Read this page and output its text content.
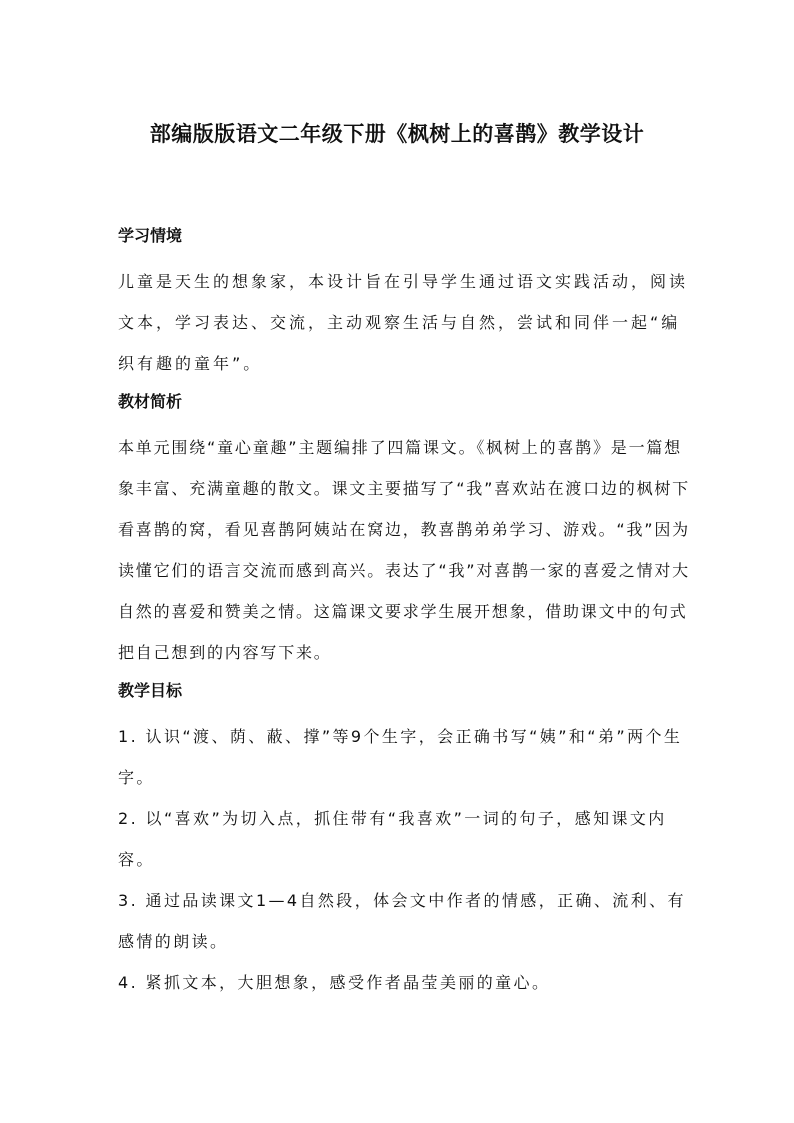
部编版版语文二年级下册《枫树上的喜鹊》教学设计
学习情境

儿童是天生的想象家，本设计旨在引导学生通过语文实践活动，阅读文本，学习表达、交流，主动观察生活与自然，尝试和同伴一起“编织有趣的童年”。

教材简析

本单元围绕“童心童趣”主题编排了四篇课文。《枫树上的喜鹊》是一篇想象丰富、充满童趣的散文。课文主要描写了“我”喜欢站在渡口边的枫树下看喜鹊的窝，看见喜鹊阿姨站在窝边，教喜鹊弟弟学习、游戏。“我”因为读懂它们的语言交流而感到高兴。表达了“我”对喜鹊一家的喜爱之情对大自然的喜爱和赞美之情。这篇课文要求学生展开想象，借助课文中的句式把自己想到的内容写下来。

教学目标

1. 认识“渡、荫、蔽、撑”等9个生字，会正确书写“姨”和“弟”两个生字。

2. 以“喜欢”为切入点，抓住带有“我喜欢”一词的句子，感知课文内容。

3. 通过品读课文1—4自然段，体会文中作者的情感，正确、流利、有感情的朗读。

4. 紧抓文本，大胆想象，感受作者晶莹美丽的童心。
